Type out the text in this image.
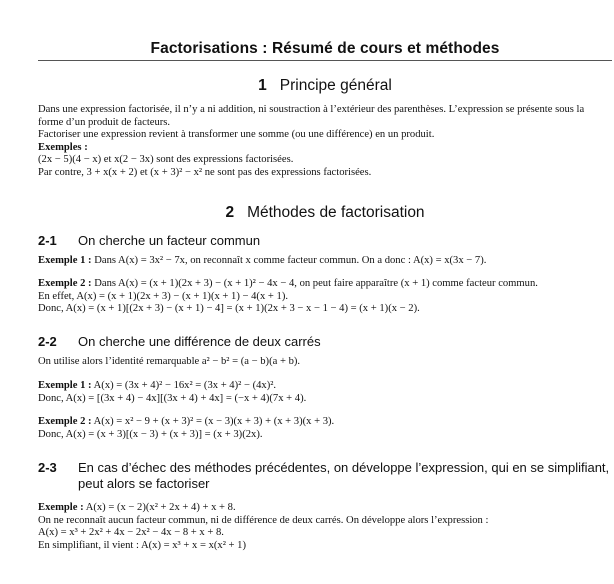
Factorisations : Résumé de cours et méthodes
1 Principe général
Dans une expression factorisée, il n’y a ni addition, ni soustraction à l’extérieur des parenthèses. L’expression se présente sous la forme d’un produit de facteurs.
Factoriser une expression revient à transformer une somme (ou une différence) en un produit.
Exemples :
(2x − 5)(4 − x) et x(2 − 3x) sont des expressions factorisées.
Par contre, 3 + x(x + 2) et (x + 3)² − x² ne sont pas des expressions factorisées.
2 Méthodes de factorisation
2-1 On cherche un facteur commun
Exemple 1 : Dans A(x) = 3x² − 7x, on reconnaît x comme facteur commun. On a donc : A(x) = x(3x − 7).
Exemple 2 : Dans A(x) = (x + 1)(2x + 3) − (x + 1)² − 4x − 4, on peut faire apparaître (x + 1) comme facteur commun.
En effet, A(x) = (x + 1)(2x + 3) − (x + 1)(x + 1) − 4(x + 1).
Donc, A(x) = (x + 1)[(2x + 3) − (x + 1) − 4] = (x + 1)(2x + 3 − x − 1 − 4) = (x + 1)(x − 2).
2-2 On cherche une différence de deux carrés
On utilise alors l’identité remarquable a² − b² = (a − b)(a + b).
Exemple 1 : A(x) = (3x + 4)² − 16x² = (3x + 4)² − (4x)².
Donc, A(x) = [(3x + 4) − 4x][(3x + 4) + 4x] = (−x + 4)(7x + 4).
Exemple 2 : A(x) = x² − 9 + (x + 3)² = (x − 3)(x + 3) + (x + 3)(x + 3).
Donc, A(x) = (x + 3)[(x − 3) + (x + 3)] = (x + 3)(2x).
2-3	En cas d’échec des méthodes précédentes, on développe l’expression, qui en se simplifiant, peut alors se factoriser
Exemple : A(x) = (x − 2)(x² + 2x + 4) + x + 8.
On ne reconnaît aucun facteur commun, ni de différence de deux carrés. On développe alors l’expression :
A(x) = x³ + 2x² + 4x − 2x² − 4x − 8 + x + 8.
En simplifiant, il vient : A(x) = x³ + x = x(x² + 1)
